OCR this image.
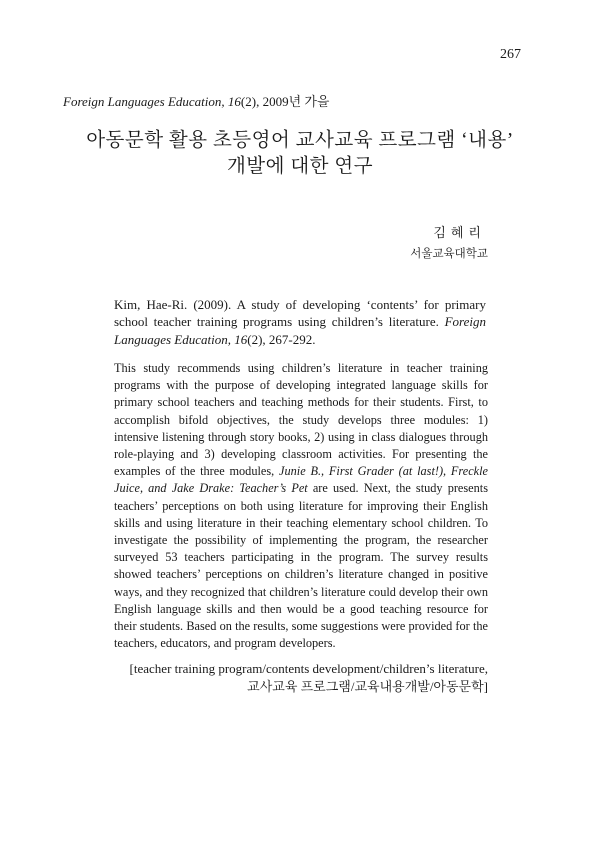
267
Foreign Languages Education, 16(2), 2009년 가을
아동문학 활용 초등영어 교사교육 프로그램 ‘내용’
개발에 대한 연구
김혜리
서울교육대학교
Kim, Hae-Ri. (2009). A study of developing ‘contents’ for primary school teacher training programs using children’s literature. Foreign Languages Education, 16(2), 267-292.
This study recommends using children’s literature in teacher training programs with the purpose of developing integrated language skills for primary school teachers and teaching methods for their students. First, to accomplish bifold objectives, the study develops three modules: 1) intensive listening through story books, 2) using in class dialogues through role-playing and 3) developing classroom activities. For presenting the examples of the three modules, Junie B., First Grader (at last!), Freckle Juice, and Jake Drake: Teacher’s Pet are used. Next, the study presents teachers’ perceptions on both using literature for improving their English skills and using literature in their teaching elementary school children. To investigate the possibility of implementing the program, the researcher surveyed 53 teachers participating in the program. The survey results showed teachers’ perceptions on children’s literature changed in positive ways, and they recognized that children’s literature could develop their own English language skills and then would be a good teaching resource for their students. Based on the results, some suggestions were provided for the teachers, educators, and program developers.
[teacher training program/contents development/children’s literature, 교사교육 프로그램/교육내용개발/아동문학]
